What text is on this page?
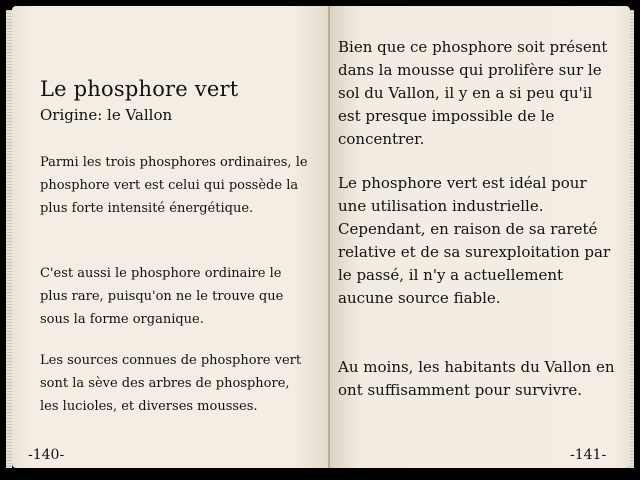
Le phosphore vert
Origine: le Vallon

Parmi les trois phosphores ordinaires, le phosphore vert est celui qui possède la plus forte intensité énergétique.

C'est aussi le phosphore ordinaire le plus rare, puisqu'on ne le trouve que sous la forme organique.

Les sources connues de phosphore vert sont la sève des arbres de phosphore, les lucioles, et diverses mousses.

-140-

Bien que ce phosphore soit présent dans la mousse qui prolifère sur le sol du Vallon, il y en a si peu qu'il est presque impossible de le concentrer.

Le phosphore vert est idéal pour une utilisation industrielle. Cependant, en raison de sa rareté relative et de sa surexploitation par le passé, il n'y a actuellement aucune source fiable.

Au moins, les habitants du Vallon en ont suffisamment pour survivre.

-141-
